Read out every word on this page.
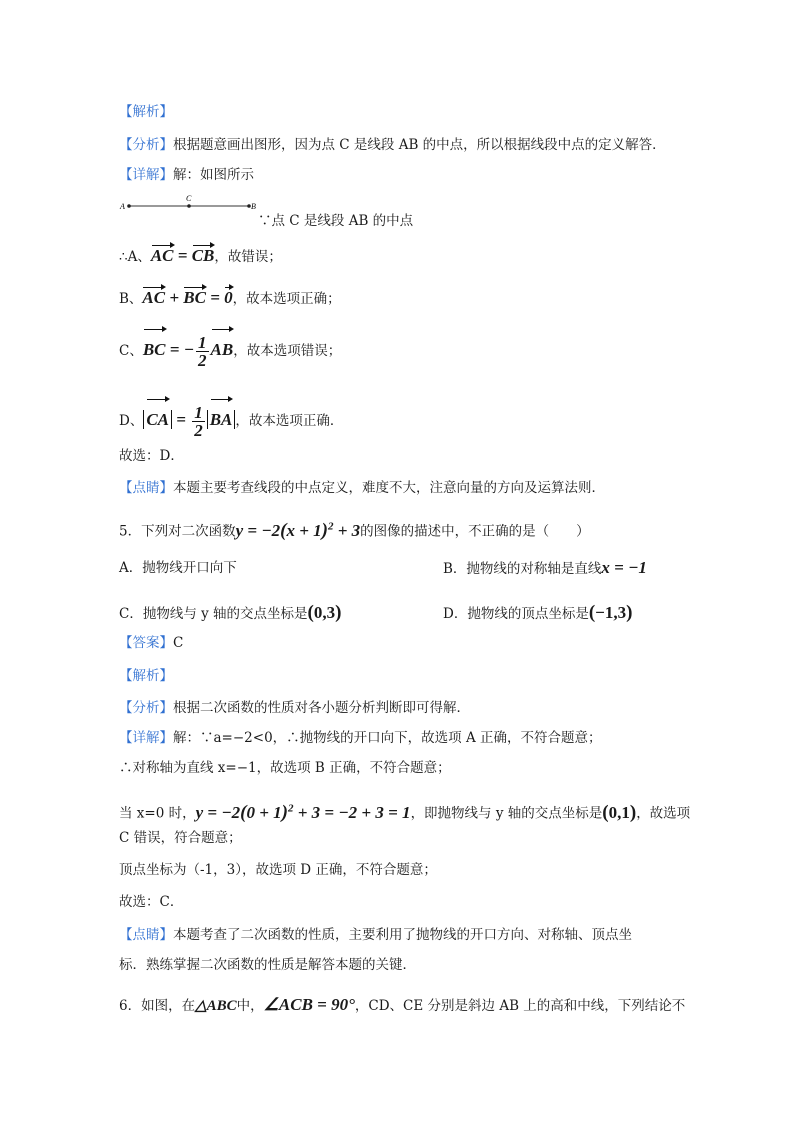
【解析】
【分析】根据题意画出图形，因为点 C 是线段 AB 的中点，所以根据线段中点的定义解答．
【详解】解：如图所示
A
C
B
∵点 C 是线段 AB 的中点
∴A、AC = CB，故错误；
B、AC + BC = 0，故本选项正确；
C、BC = − $\frac{1}{2}$ AB，故本选项错误；
D、 CA = $\frac{1}{2}$ BA ，故本选项正确．
故选：D．
【点睛】本题主要考查线段的中点定义，难度不大，注意向量的方向及运算法则．
5．下列对二次函数$y = -2(x + 1)^2 + 3$的图像的描述中，不正确的是（　　）
A．抛物线开口向下	B．抛物线的对称轴是直线x = −1
C．抛物线与 y 轴的交点坐标是(0,3)	D．抛物线的顶点坐标是(−1,3)
【答案】C
【解析】
【分析】根据二次函数的性质对各小题分析判断即可得解．
【详解】解：∵a=−2<0，∴抛物线的开口向下，故选项 A 正确，不符合题意；
∴对称轴为直线 x=−1，故选项 B 正确，不符合题意；
当 x=0 时，$y = -2(0 + 1)^2 + 3 = -2 + 3 = 1$，即抛物线与 y 轴的交点坐标是(0,1)，故选项
C 错误，符合题意；
顶点坐标为（-1，3），故选项 D 正确，不符合题意；
故选：C．
【点睛】本题考查了二次函数的性质，主要利用了抛物线的开口方向、对称轴、顶点坐
标．熟练掌握二次函数的性质是解答本题的关键．
6．如图，在△ABC中，∠ACB = 90°，CD、CE 分别是斜边 AB 上的高和中线，下列结论不
